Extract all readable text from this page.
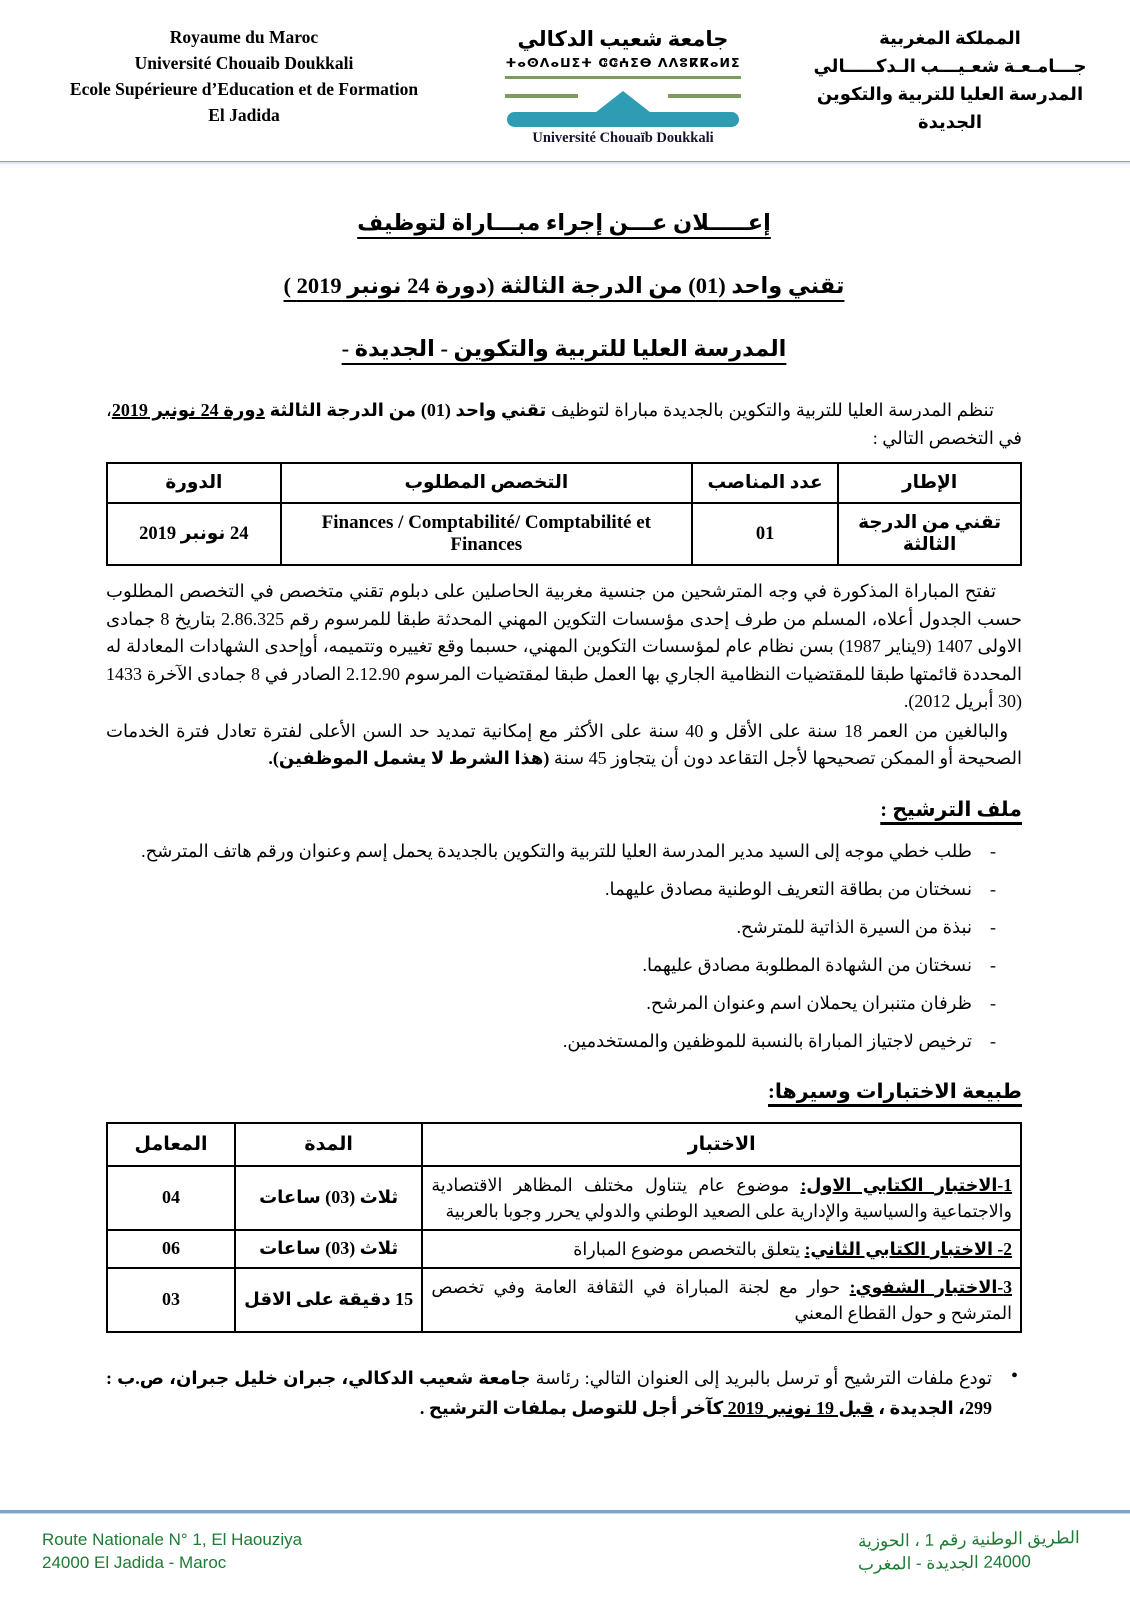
Royaume du Maroc
Université Chouaib Doukkali
Ecole Supérieure d’Education et de Formation
El Jadida
جامعة شعيب الدكالي
ⵜⴰⵙⴷⴰⵡⵉⵜ ⵛⵛⵄⵉⴱ ⴷⴷⵓⴽⴽⴰⵍⵉ
Université Chouaïb Doukkali
المملكة المغربية
جـــامـعـة شعـيـــب الـدكـــــالي
المدرسة العليا للتربية والتكوين
الجديدة
إعـــــلان عـــن إجراء مبـــاراة لتوظيف
تقني واحد (01) من الدرجة الثالثة (دورة 24 نونبر 2019 )
المدرسة العليا للتربية والتكوين - الجديدة -

تنظم المدرسة العليا للتربية والتكوين بالجديدة مباراة لتوظيف تقني واحد (01) من الدرجة الثالثة دورة 24 نونبر 2019، في التخصص التالي :

الإطار	عدد المناصب	التخصص المطلوب	الدورة
تقني من الدرجة الثالثة	01	Finances / Comptabilité/ Comptabilité et Finances	24 نونبر 2019

تفتح المباراة المذكورة في وجه المترشحين من جنسية مغربية الحاصلين على دبلوم تقني متخصص في التخصص المطلوب حسب الجدول أعلاه، المسلم من طرف إحدى مؤسسات التكوين المهني المحدثة طبقا للمرسوم رقم 2.86.325 بتاريخ 8 جمادى الاولى 1407 (9يناير 1987) بسن نظام عام لمؤسسات التكوين المهني، حسبما وقع تغييره وتتميمه، أوإحدى الشهادات المعادلة له المحددة قائمتها طبقا للمقتضيات النظامية الجاري بها العمل طبقا لمقتضيات المرسوم 2.12.90 الصادر في 8 جمادى الآخرة 1433 (30 أبريل 2012).

والبالغين من العمر 18 سنة على الأقل و 40 سنة على الأكثر مع إمكانية تمديد حد السن الأعلى لفترة تعادل فترة الخدمات الصحيحة أو الممكن تصحيحها لأجل التقاعد دون أن يتجاوز 45 سنة (هذا الشرط لا يشمل الموظفين).

ملف الترشيح :
- طلب خطي موجه إلى السيد مدير المدرسة العليا للتربية والتكوين بالجديدة يحمل إسم وعنوان ورقم هاتف المترشح.
- نسختان من بطاقة التعريف الوطنية مصادق عليهما.
- نبذة من السيرة الذاتية للمترشح.
- نسختان من الشهادة المطلوبة مصادق عليهما.
- ظرفان متنبران يحملان اسم وعنوان المرشح.
- ترخيص لاجتياز المباراة بالنسبة للموظفين والمستخدمين.
طبيعة الاختبارات وسيرها:
الاختبار	المدة	المعامل
1-الاختبار الكتابي الاول: موضوع عام يتناول مختلف المظاهر الاقتصادية والاجتماعية والسياسية والإدارية على الصعيد الوطني والدولي يحرر وجوبا بالعربية	ثلاث (03) ساعات	04
2- الاختبار الكتابي الثاني: يتعلق بالتخصص موضوع المباراة	ثلاث (03) ساعات	06
3-الاختبار الشفوي: حوار مع لجنة المباراة في الثقافة العامة وفي تخصص المترشح و حول القطاع المعني	15 دقيقة على الاقل	03
• تودع ملفات الترشيح أو ترسل بالبريد إلى العنوان التالي: رئاسة جامعة شعيب الدكالي، جبران خليل جبران، ص.ب : 299، الجديدة ، قبل 19 نونبر 2019 كآخر أجل للتوصل بملفات الترشيح .
Route Nationale N° 1, El Haouziya
24000 El Jadida - Maroc
الطريق الوطنية رقم 1 ، الحوزية
24000 الجديدة - المغرب
